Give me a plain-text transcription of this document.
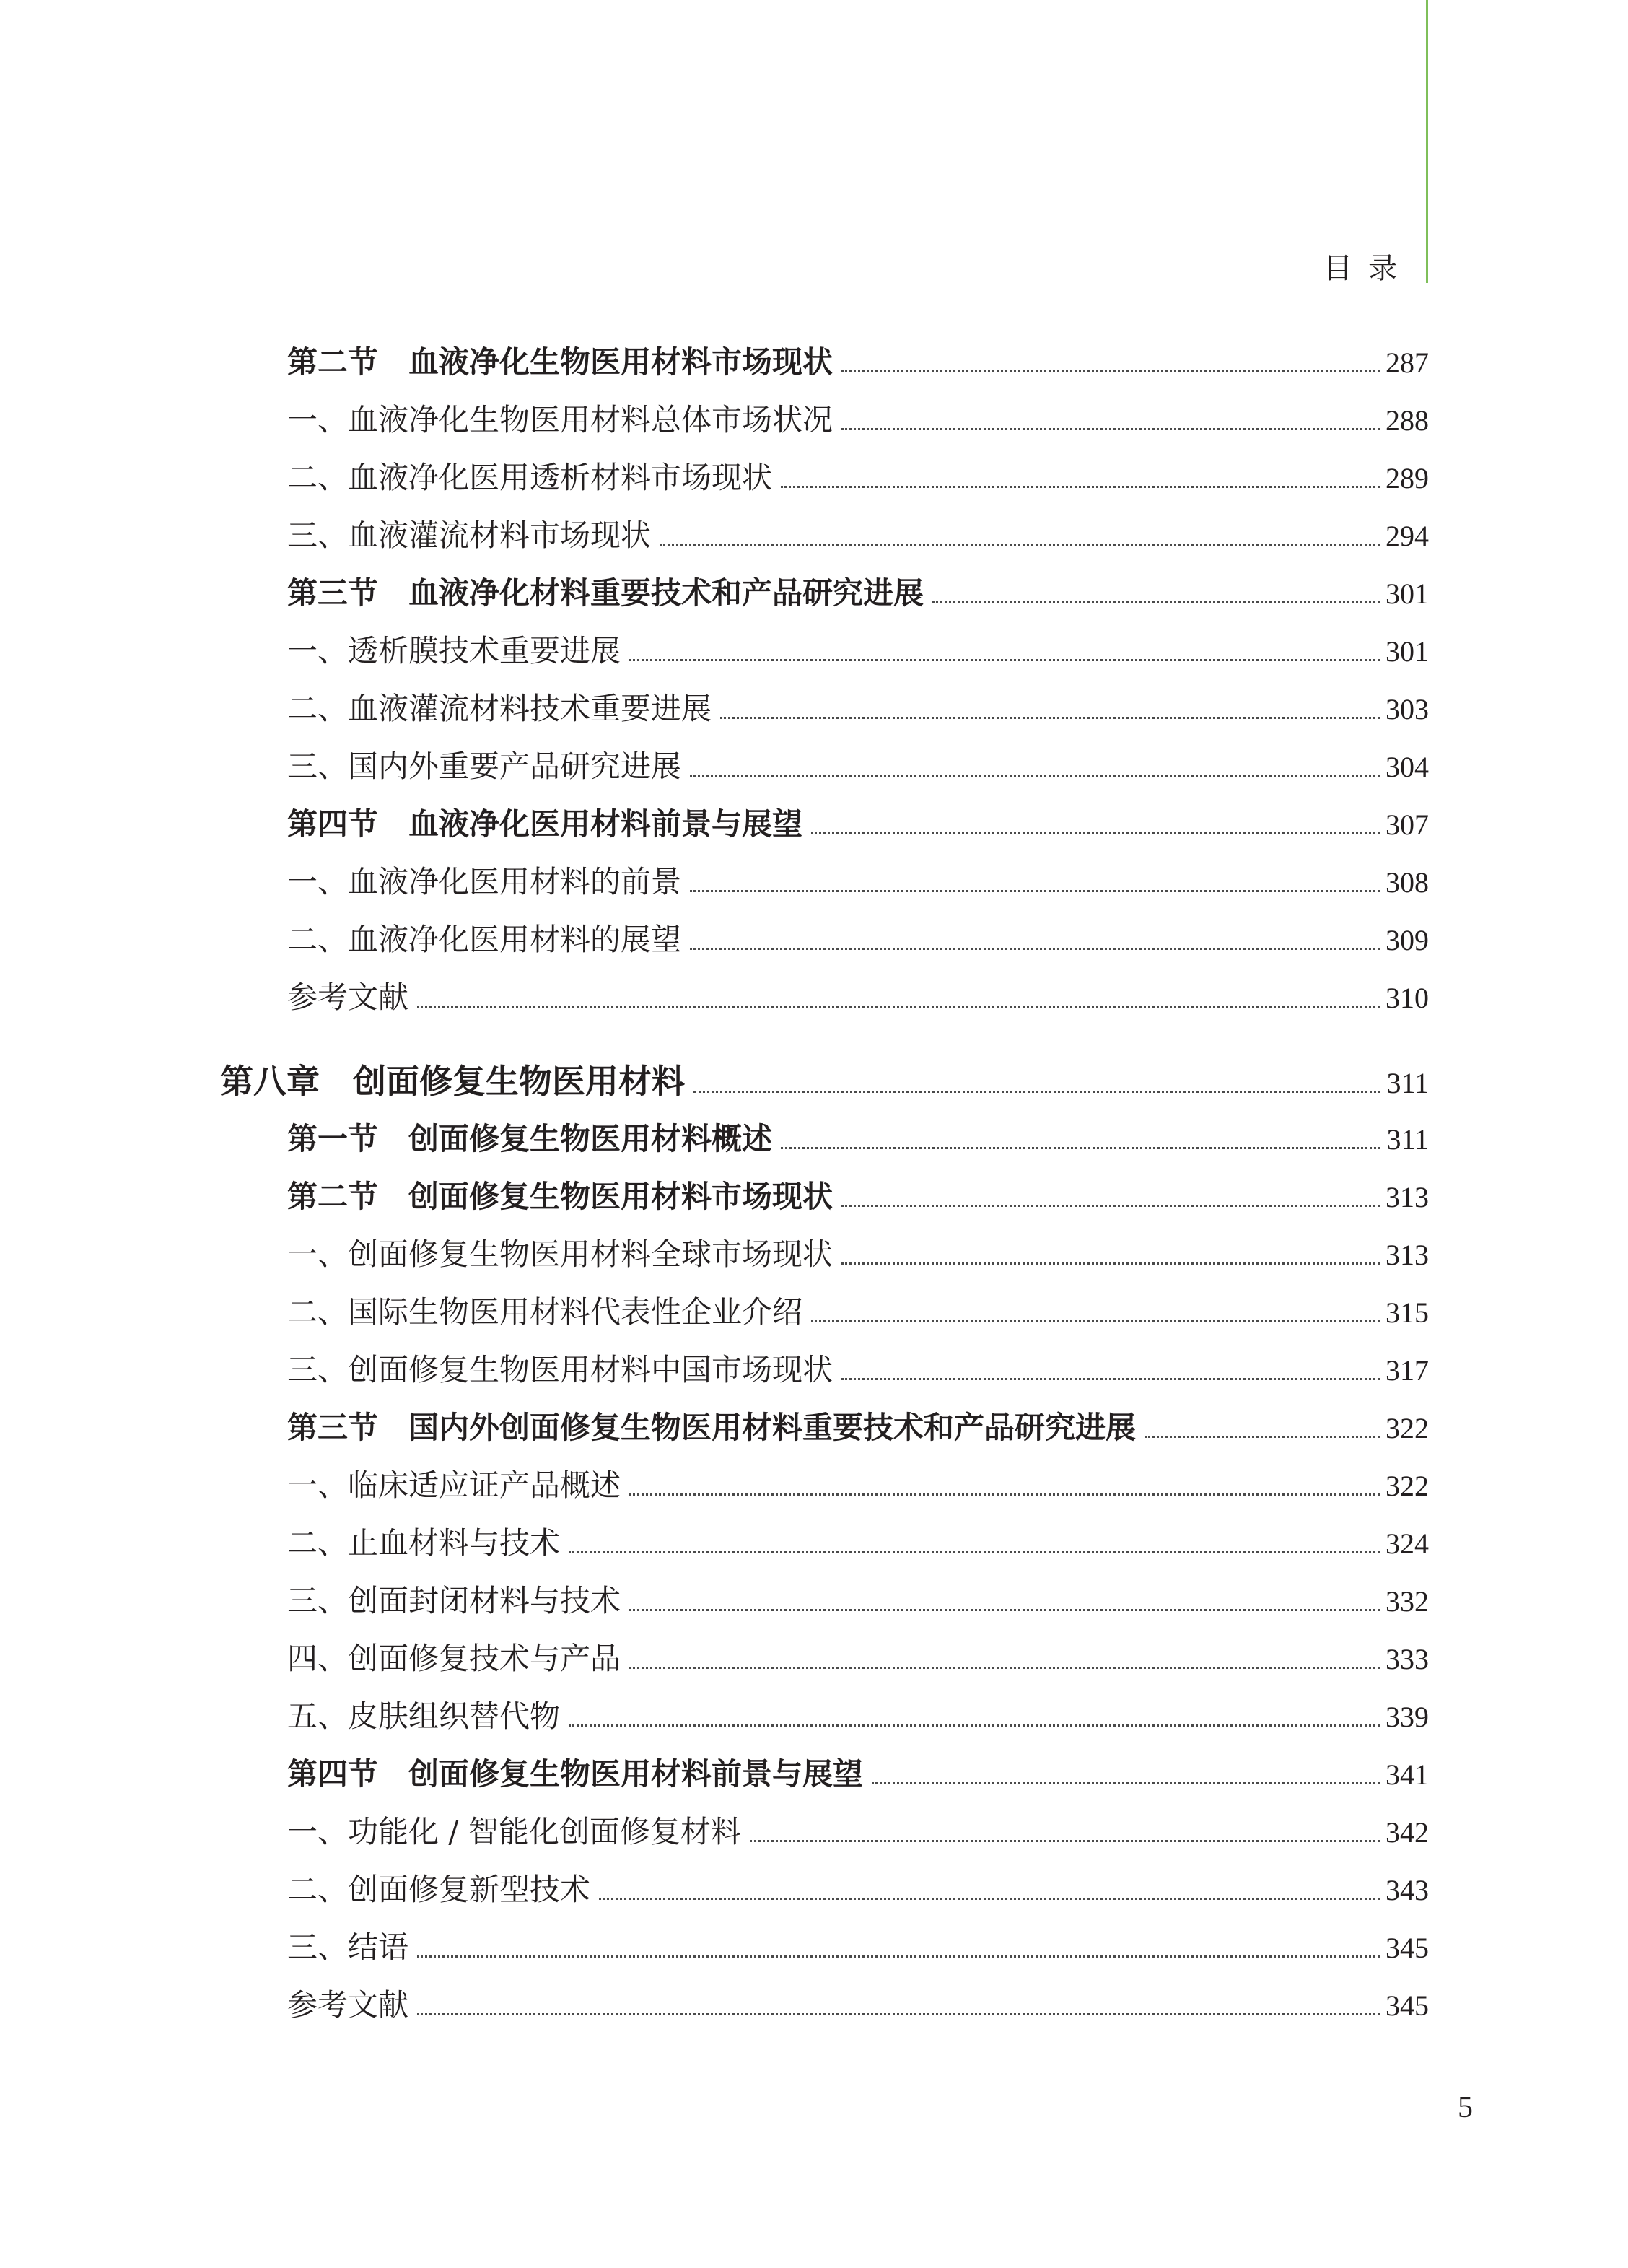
目录
第二节　血液净化生物医用材料市场现状	287
一、血液净化生物医用材料总体市场状况	288
二、血液净化医用透析材料市场现状	289
三、血液灌流材料市场现状	294
第三节　血液净化材料重要技术和产品研究进展	301
一、透析膜技术重要进展	301
二、血液灌流材料技术重要进展	303
三、国内外重要产品研究进展	304
第四节　血液净化医用材料前景与展望	307
一、血液净化医用材料的前景	308
二、血液净化医用材料的展望	309
参考文献	310
第八章　创面修复生物医用材料	311
第一节　创面修复生物医用材料概述	311
第二节　创面修复生物医用材料市场现状	313
一、创面修复生物医用材料全球市场现状	313
二、国际生物医用材料代表性企业介绍	315
三、创面修复生物医用材料中国市场现状	317
第三节　国内外创面修复生物医用材料重要技术和产品研究进展	322
一、临床适应证产品概述	322
二、止血材料与技术	324
三、创面封闭材料与技术	332
四、创面修复技术与产品	333
五、皮肤组织替代物	339
第四节　创面修复生物医用材料前景与展望	341
一、功能化 / 智能化创面修复材料	342
二、创面修复新型技术	343
三、结语	345
参考文献	345
5
